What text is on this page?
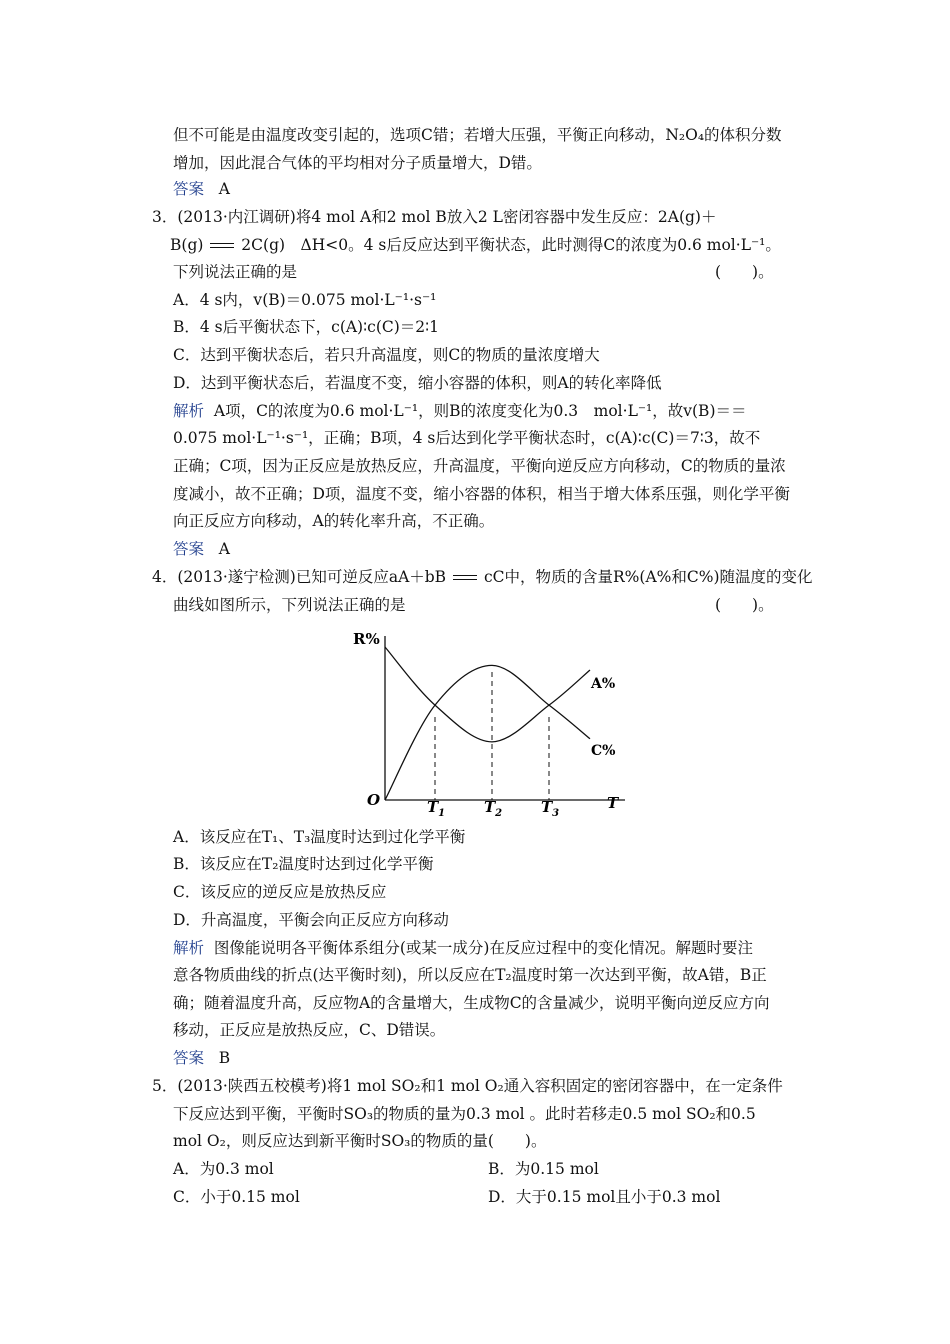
但不可能是由温度改变引起的，选项C错；若增大压强，平衡正向移动，N₂O₄的体积分数
增加，因此混合气体的平均相对分子质量增大，D错。
答案 A
3．(2013·内江调研)将4 mol A和2 mol B放入2 L密闭容器中发生反应：2A(g)＋
B(g) 2C(g)　ΔH<0。4 s后反应达到平衡状态，此时测得C的浓度为0.6 mol·L⁻¹。
下列说法正确的是	(　　)。
A．4 s内，v(B)＝0.075 mol·L⁻¹·s⁻¹
B．4 s后平衡状态下，c(A)∶c(C)＝2∶1
C．达到平衡状态后，若只升高温度，则C的物质的量浓度增大
D．达到平衡状态后，若温度不变，缩小容器的体积，则A的转化率降低
解析 A项，C的浓度为0.6 mol·L⁻¹，则B的浓度变化为0.3　mol·L⁻¹，故v(B)＝＝
0.075 mol·L⁻¹·s⁻¹，正确；B项，4 s后达到化学平衡状态时，c(A)∶c(C)＝7∶3，故不
正确；C项，因为正反应是放热反应，升高温度，平衡向逆反应方向移动，C的物质的量浓
度减小，故不正确；D项，温度不变，缩小容器的体积，相当于增大体系压强，则化学平衡
向正反应方向移动，A的转化率升高，不正确。
答案 A
4．(2013·遂宁检测)已知可逆反应aA＋bB cC中，物质的含量R%(A%和C%)随温度的变化
曲线如图所示，下列说法正确的是	(　　)。
R%
O	T
A%
C%
$T_1$	$T_2$	$T_3$
A．该反应在T₁、T₃温度时达到过化学平衡
B．该反应在T₂温度时达到过化学平衡
C．该反应的逆反应是放热反应
D．升高温度，平衡会向正反应方向移动
解析 图像能说明各平衡体系组分(或某一成分)在反应过程中的变化情况。解题时要注
意各物质曲线的折点(达平衡时刻)，所以反应在T₂温度时第一次达到平衡，故A错，B正
确；随着温度升高，反应物A的含量增大，生成物C的含量减少，说明平衡向逆反应方向
移动，正反应是放热反应，C、D错误。
答案 B
5．(2013·陕西五校模考)将1 mol SO₂和1 mol O₂通入容积固定的密闭容器中，在一定条件
下反应达到平衡，平衡时SO₃的物质的量为0.3 mol 。此时若移走0.5 mol SO₂和0.5
mol O₂，则反应达到新平衡时SO₃的物质的量(　　)。
A．为0.3 mol	B．为0.15 mol
C．小于0.15 mol	D．大于0.15 mol且小于0.3 mol
